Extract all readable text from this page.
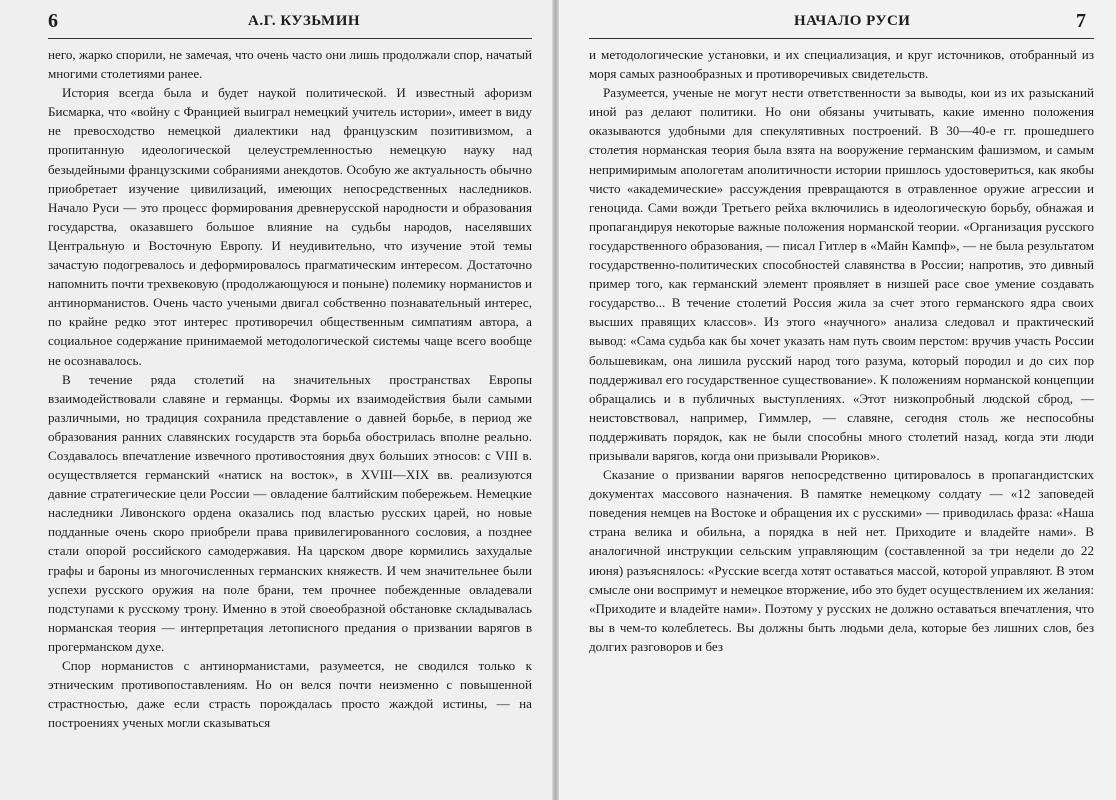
6	А.Г. КУЗЬМИН

него, жарко спорили, не замечая, что очень часто они лишь продолжали спор, начатый многими столетиями ранее.

История всегда была и будет наукой политической. И известный афоризм Бисмарка, что «войну с Францией выиграл немецкий учитель истории», имеет в виду не превосходство немецкой диалектики над французским позитивизмом, а пропитанную идеологической целеустремленностью немецкую науку над безыдейными французскими собраниями анекдотов. Особую же актуальность обычно приобретает изучение цивилизаций, имеющих непосредственных наследников. Начало Руси — это процесс формирования древнерусской народности и образования государства, оказавшего большое влияние на судьбы народов, населявших Центральную и Восточную Европу. И неудивительно, что изучение этой темы зачастую подогревалось и деформировалось прагматическим интересом. Достаточно напомнить почти трехвековую (продолжающуюся и поныне) полемику норманистов и антинорманистов. Очень часто учеными двигал собственно познавательный интерес, по крайне редко этот интерес противоречил общественным симпатиям автора, а социальное содержание принимаемой методологической системы чаще всего вообще не осознавалось.

В течение ряда столетий на значительных пространствах Европы взаимодействовали славяне и германцы. Формы их взаимодействия были самыми различными, но традиция сохранила представление о давней борьбе, в период же образования ранних славянских государств эта борьба обострилась вполне реально. Создавалось впечатление извечного противостояния двух больших этносов: с VIII в. осуществляется германский «натиск на восток», в XVIII—XIX вв. реализуются давние стратегические цели России — овладение балтийским побережьем. Немецкие наследники Ливонского ордена оказались под властью русских царей, но новые подданные очень скоро приобрели права привилегированного сословия, а позднее стали опорой российского самодержавия. На царском дворе кормились захудалые графы и бароны из многочисленных германских княжеств. И чем значительнее были успехи русского оружия на поле брани, тем прочнее побежденные овладевали подступами к русскому трону. Именно в этой своеобразной обстановке складывалась норманская теория — интерпретация летописного предания о призвании варягов в прогерманском духе.

Спор норманистов с антинорманистами, разумеется, не сводился только к этническим противопоставлениям. Но он велся почти неизменно с повышенной страстностью, даже если страсть порождалась просто жаждой истины, — на построениях ученых могли сказываться

НАЧАЛО РУСИ	7

и методологические установки, и их специализация, и круг источников, отобранный из моря самых разнообразных и противоречивых свидетельств.

Разумеется, ученые не могут нести ответственности за выводы, кои из их разысканий иной раз делают политики. Но они обязаны учитывать, какие именно положения оказываются удобными для спекулятивных построений. В 30—40-е гг. прошедшего столетия норманская теория была взята на вооружение германским фашизмом, и самым непримиримым апологетам аполитичности истории пришлось удостовериться, как якобы чисто «академические» рассуждения превращаются в отравленное оружие агрессии и геноцида. Сами вожди Третьего рейха включились в идеологическую борьбу, обнажая и пропагандируя некоторые важные положения норманской теории. «Организация русского государственного образования, — писал Гитлер в «Майн Кампф», — не была результатом государственно-политических способностей славянства в России; напротив, это дивный пример того, как германский элемент проявляет в низшей расе свое умение создавать государство... В течение столетий Россия жила за счет этого германского ядра своих высших правящих классов». Из этого «научного» анализа следовал и практический вывод: «Сама судьба как бы хочет указать нам путь своим перстом: вручив участь России большевикам, она лишила русский народ того разума, который породил и до сих пор поддерживал его государственное существование». К положениям норманской концепции обращались и в публичных выступлениях. «Этот низкопробный людской сброд, — неистовствовал, например, Гиммлер, — славяне, сегодня столь же неспособны поддерживать порядок, как не были способны много столетий назад, когда эти люди призывали варягов, когда они призывали Рюриков».

Сказание о призвании варягов непосредственно цитировалось в пропагандистских документах массового назначения. В памятке немецкому солдату — «12 заповедей поведения немцев на Востоке и обращения их с русскими» — приводилась фраза: «Наша страна велика и обильна, а порядка в ней нет. Приходите и владейте нами». В аналогичной инструкции сельским управляющим (составленной за три недели до 22 июня) разъяснялось: «Русские всегда хотят оставаться массой, которой управляют. В этом смысле они воспримут и немецкое вторжение, ибо это будет осуществлением их желания: «Приходите и владейте нами». Поэтому у русских не должно оставаться впечатления, что вы в чем-то колеблетесь. Вы должны быть людьми дела, которые без лишних слов, без долгих разговоров и без
